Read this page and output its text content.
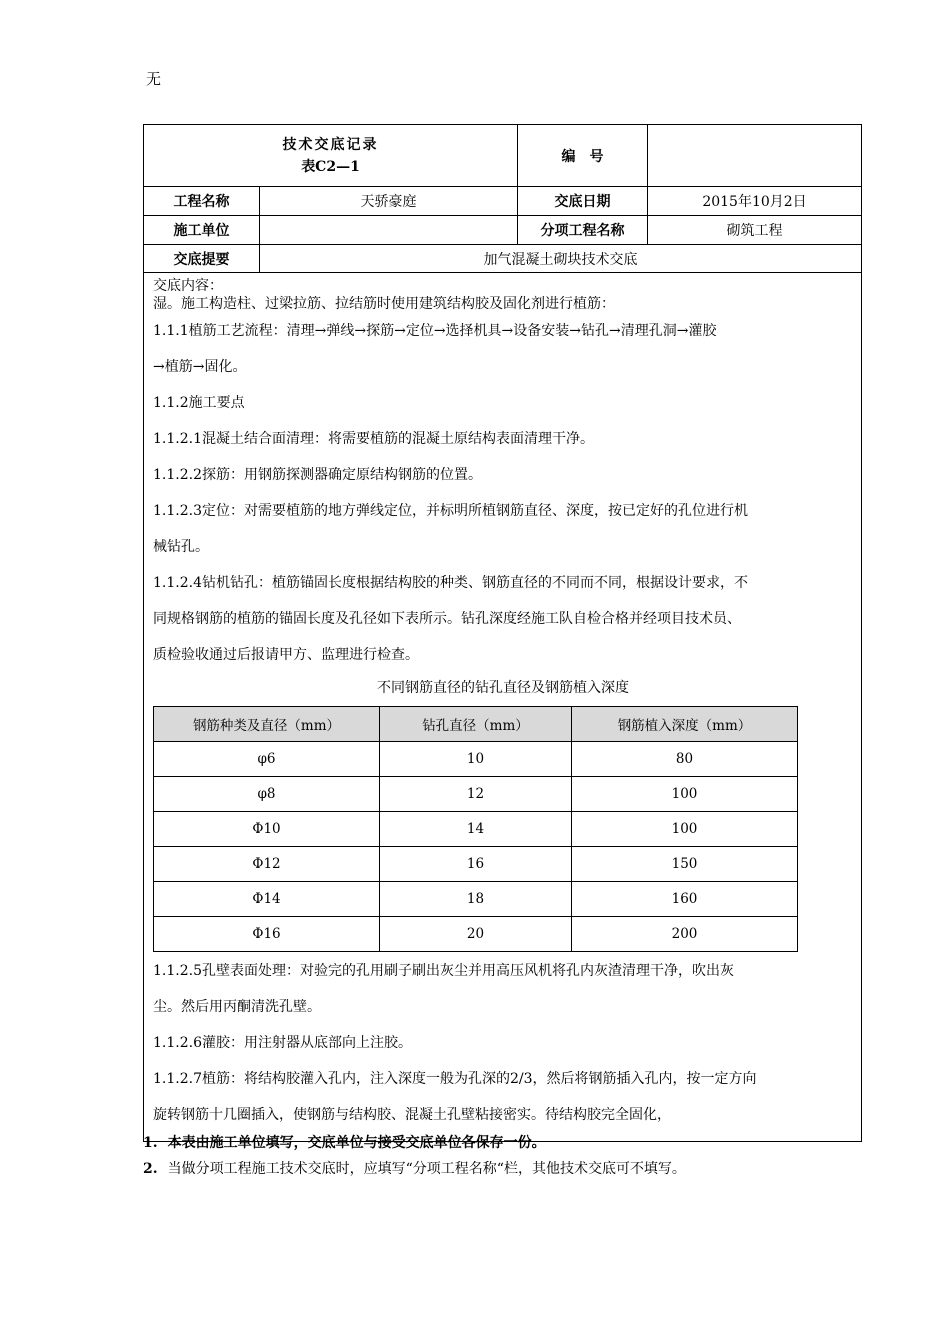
无
技术交底记录
表C2—1
	编　号	
工程名称	天骄豪庭	交底日期	2015年10月2日
施工单位		分项工程名称	砌筑工程
交底提要	加气混凝土砌块技术交底

交底内容：

湿。施工构造柱、过梁拉筋、拉结筋时使用建筑结构胶及固化剂进行植筋：

1.1.1植筋工艺流程：清理→弹线→探筋→定位→选择机具→设备安装→钻孔→清理孔洞→灌胶

→植筋→固化。

1.1.2施工要点

1.1.2.1混凝土结合面清理：将需要植筋的混凝土原结构表面清理干净。

1.1.2.2探筋：用钢筋探测器确定原结构钢筋的位置。

1.1.2.3定位：对需要植筋的地方弹线定位，并标明所植钢筋直径、深度，按已定好的孔位进行机

械钻孔。

1.1.2.4钻机钻孔：植筋锚固长度根据结构胶的种类、钢筋直径的不同而不同，根据设计要求，不

同规格钢筋的植筋的锚固长度及孔径如下表所示。钻孔深度经施工队自检合格并经项目技术员、

质检验收通过后报请甲方、监理进行检查。

不同钢筋直径的钻孔直径及钢筋植入深度
钢筋种类及直径（mm）	钻孔直径（mm）	钢筋植入深度（mm）
φ6	10	80
φ8	12	100
Φ10	14	100
Φ12	16	150
Φ14	18	160
Φ16	20	200

1.1.2.5孔壁表面处理：对验完的孔用刷子刷出灰尘并用高压风机将孔内灰渣清理干净，吹出灰

尘。然后用丙酮清洗孔壁。

1.1.2.6灌胶：用注射器从底部向上注胶。

1.1.2.7植筋：将结构胶灌入孔内，注入深度一般为孔深的2/3，然后将钢筋插入孔内，按一定方向

旋转钢筋十几圈插入，使钢筋与结构胶、混凝土孔壁粘接密实。待结构胶完全固化，

1. 本表由施工单位填写，交底单位与接受交底单位各保存一份。
2. 当做分项工程施工技术交底时，应填写“分项工程名称“栏，其他技术交底可不填写。
